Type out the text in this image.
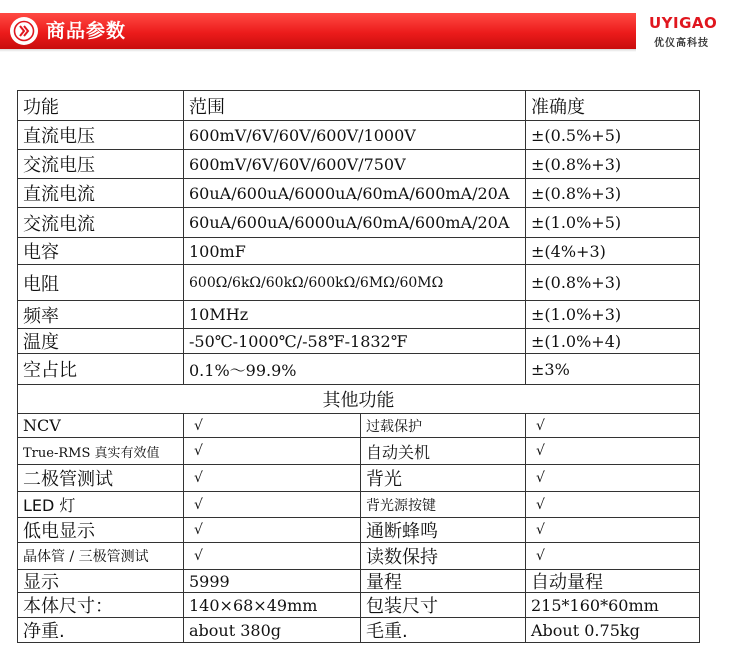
商品参数	UYIGAO
优仪高科技
功能	范围	准确度
直流电压	600mV/6V/60V/600V/1000V	±(0.5%+5)
交流电压	600mV/6V/60V/600V/750V	±(0.8%+3)
直流电流	60uA/600uA/6000uA/60mA/600mA/20A	±(0.8%+3)
交流电流	60uA/600uA/6000uA/60mA/600mA/20A	±(1.0%+5)
电容	100mF	±(4%+3)
电阻	600Ω/6kΩ/60kΩ/600kΩ/6MΩ/60MΩ	±(0.8%+3)
频率	10MHz	±(1.0%+3)
温度	-50℃-1000℃/-58℉-1832℉	±(1.0%+4)
空占比	0.1%～99.9%	±3%
其他功能
NCV	√	过载保护	√
True-RMS 真实有效值	√	自动关机	√
二极管测试	√	背光	√
LED 灯	√	背光源按键	√
低电显示	√	通断蜂鸣	√
晶体管 / 三极管测试	√	读数保持	√
显示	5999	量程	自动量程
本体尺寸：	140×68×49mm	包装尺寸	215*160*60mm
净重.	about 380g	毛重.	About 0.75kg
